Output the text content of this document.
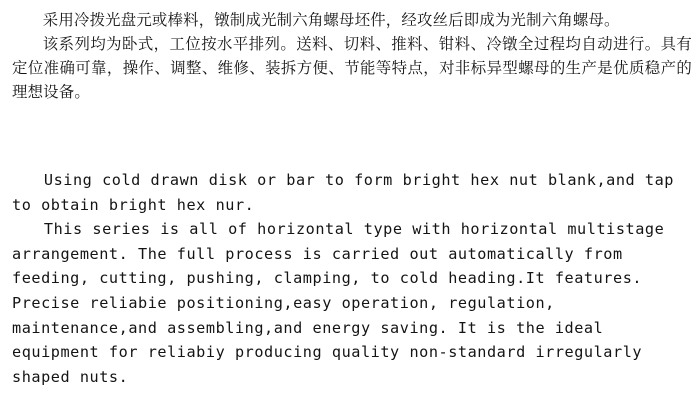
采用冷拨光盘元或棒料，镦制成光制六角螺母坯件，经攻丝后即成为光制六角螺母。

该系列均为卧式，工位按水平排列。送料、切料、推料、钳料、冷镦全过程均自动进行。具有定位准确可靠，操作、调整、维修、装拆方便、节能等特点，对非标异型螺母的生产是优质稳产的理想设备。

Using cold drawn disk or bar to form bright hex nut blank,and tap to obtain bright hex nur.

This series is all of horizontal type with horizontal multistage arrangement. The full process is carried out automatically from feeding, cutting, pushing, clamping, to cold heading.It features. Precise reliabie positioning,easy operation, regulation, maintenance,and assembling,and energy saving. It is the ideal equipment for reliabiy producing quality non-standard irregularly shaped nuts.
